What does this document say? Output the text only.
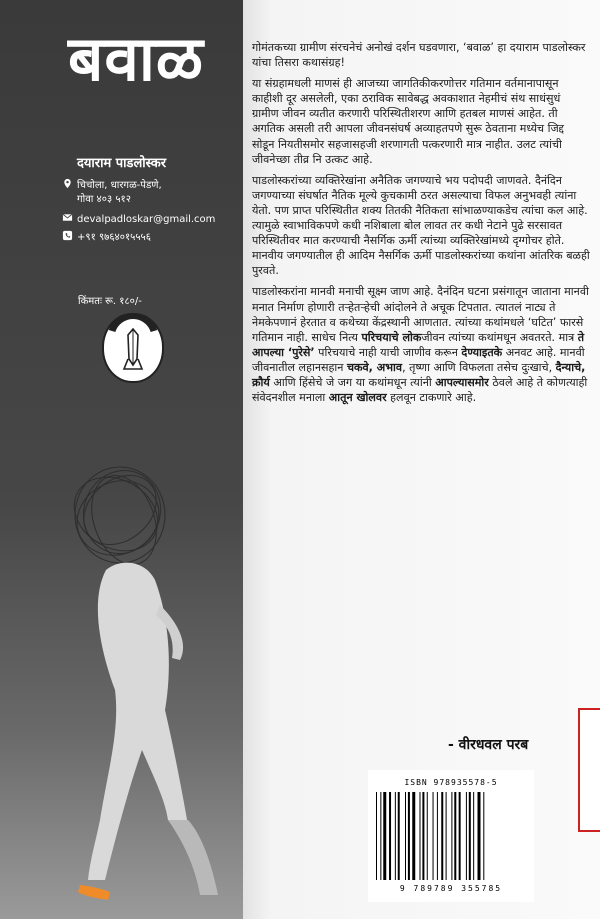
बवाळ
दयाराम पाडलोस्कर
चिचोला, धारगळ-पेडणे,
गोवा ४०३ ५१२
devalpadloskar@gmail.com
+९१ ९७६४०१५५५६
किंमतः रू. १८०/-

गोमंतकच्या ग्रामीण संरचनेचं अनोखं दर्शन घडवणारा, ‘बवाळ’ हा दयाराम पाडलोस्कर यांचा तिसरा कथासंग्रह!

या संग्रहामधली माणसं ही आजच्या जागतिकीकरणोत्तर गतिमान वर्तमानापासून काहीशी दूर असलेली, एका ठराविक सावेबद्ध अवकाशात नेहमीचं संथ साधंसुधं ग्रामीण जीवन व्यतीत करणारी परिस्थितीशरण आणि हतबल माणसं आहेत. ती अगतिक असली तरी आपला जीवनसंघर्ष अव्याहतपणे सुरू ठेवताना मध्येच जिद्द सोडून नियतीसमोर सहजासहजी शरणागती पत्करणारी मात्र नाहीत. उलट त्यांची जीवनेच्छा तीव्र नि उत्कट आहे.

पाडलोस्करांच्या व्यक्तिरेखांना अनैतिक जगण्याचे भय पदोपदी जाणवते. दैनंदिन जगण्याच्या संघर्षात नैतिक मूल्ये कुचकामी ठरत असल्याचा विफल अनुभवही त्यांना येतो. पण प्राप्त परिस्थितीत शक्य तितकी नैतिकता सांभाळण्याकडेच त्यांचा कल आहे. त्यामुळे स्वाभाविकपणे कधी नशिबाला बोल लावत तर कधी नेटाने पुढे सरसावत परिस्थितीवर मात करण्याची नैसर्गिक ऊर्मी त्यांच्या व्यक्तिरेखांमध्ये दृग्गोचर होते. मानवीय जगण्यातील ही आदिम नैसर्गिक ऊर्मी पाडलोस्करांच्या कथांना आंतरिक बळही पुरवते.

पाडलोस्करांना मानवी मनाची सूक्ष्म जाण आहे. दैनंदिन घटना प्रसंगातून जाताना मानवी मनात निर्माण होणारी तऱ्हेतऱ्हेची आंदोलने ते अचूक टिपतात. त्यातलं नाट्य ते नेमकेपणानं हेरतात व कथेच्या केंद्रस्थानी आणतात. त्यांच्या कथांमधले ‘घटित’ फारसे गतिमान नाही. साधेच नित्य परिचयाचे लोकजीवन त्यांच्या कथांमधून अवतरते. मात्र ते आपल्या ‘पुरेसे’ परिचयाचे नाही याची जाणीव करून देण्याइतके अनवट आहे. मानवी जीवनातील लहानसहान चकवे, अभाव, तृष्णा आणि विफलता तसेच दुःखाचे, दैन्याचे, क्रौर्य आणि हिंसेचे जे जग या कथांमधून त्यांनी आपल्यासमोर ठेवले आहे ते कोणत्याही संवेदनशील मनाला आतून खोलवर हलवून टाकणारे आहे.

- वीरधवल परब
ISBN 978935578-5
9 789789 355785
